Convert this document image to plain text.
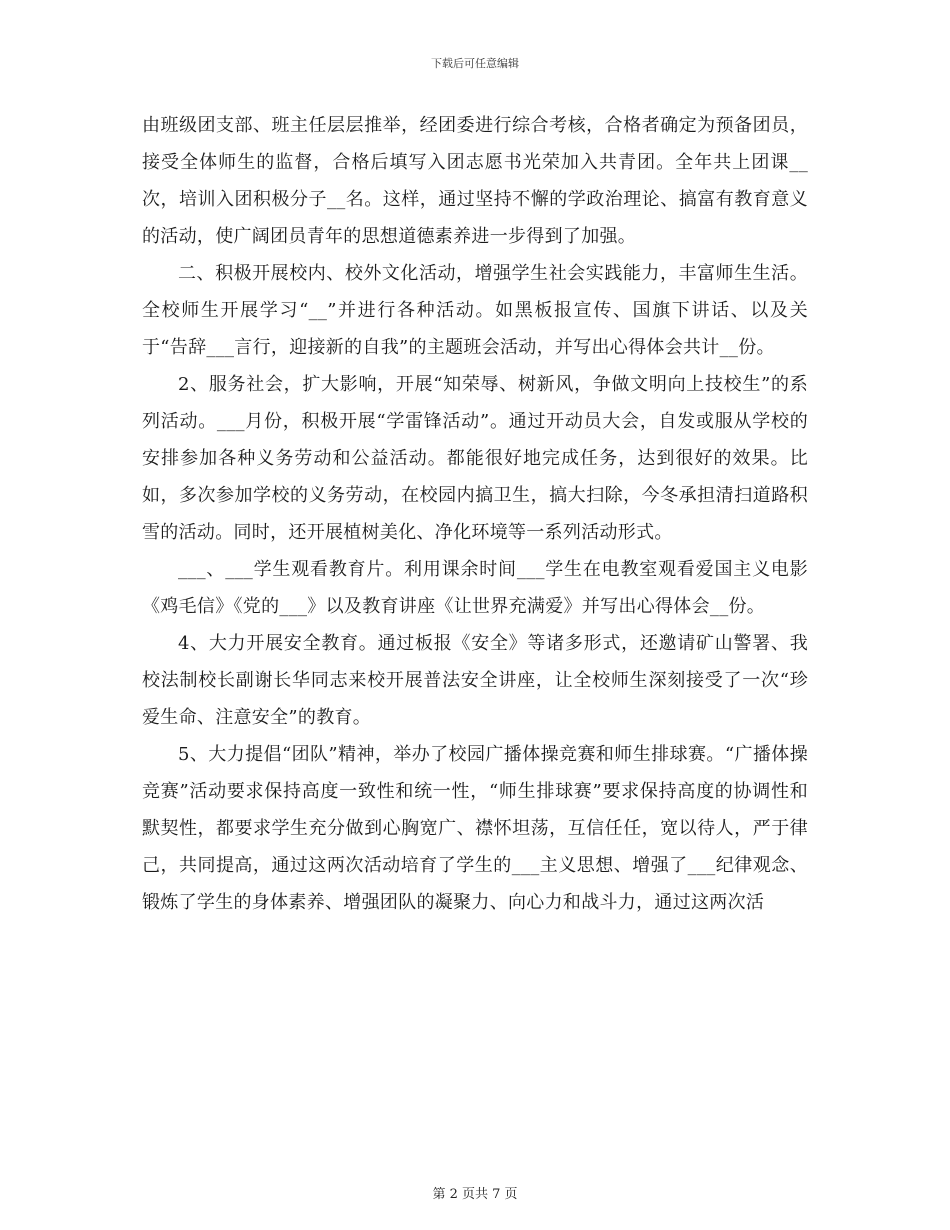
下载后可任意编辑

由班级团支部、班主任层层推举，经团委进行综合考核，合格者确定为预备团员，接受全体师生的监督，合格后填写入团志愿书光荣加入共青团。全年共上团课__次，培训入团积极分子__名。这样，通过坚持不懈的学政治理论、搞富有教育意义的活动，使广阔团员青年的思想道德素养进一步得到了加强。

二、积极开展校内、校外文化活动，增强学生社会实践能力，丰富师生生活。全校师生开展学习“__”并进行各种活动。如黑板报宣传、国旗下讲话、以及关于“告辞___言行，迎接新的自我”的主题班会活动，并写出心得体会共计__份。

2、服务社会，扩大影响，开展“知荣辱、树新风，争做文明向上技校生”的系列活动。___月份，积极开展“学雷锋活动”。通过开动员大会，自发或服从学校的安排参加各种义务劳动和公益活动。都能很好地完成任务，达到很好的效果。比如，多次参加学校的义务劳动，在校园内搞卫生，搞大扫除，今冬承担清扫道路积雪的活动。同时，还开展植树美化、净化环境等一系列活动形式。

___、___学生观看教育片。利用课余时间___学生在电教室观看爱国主义电影《鸡毛信》《党的___》以及教育讲座《让世界充满爱》并写出心得体会__份。

4、大力开展安全教育。通过板报《安全》等诸多形式，还邀请矿山警署、我校法制校长副谢长华同志来校开展普法安全讲座，让全校师生深刻接受了一次“珍爱生命、注意安全”的教育。

5、大力提倡“团队”精神，举办了校园广播体操竞赛和师生排球赛。“广播体操竞赛”活动要求保持高度一致性和统一性，“师生排球赛”要求保持高度的协调性和默契性，都要求学生充分做到心胸宽广、襟怀坦荡，互信任任，宽以待人，严于律己，共同提高，通过这两次活动培育了学生的___主义思想、增强了___纪律观念、锻炼了学生的身体素养、增强团队的凝聚力、向心力和战斗力，通过这两次活

第 2 页共 7 页
